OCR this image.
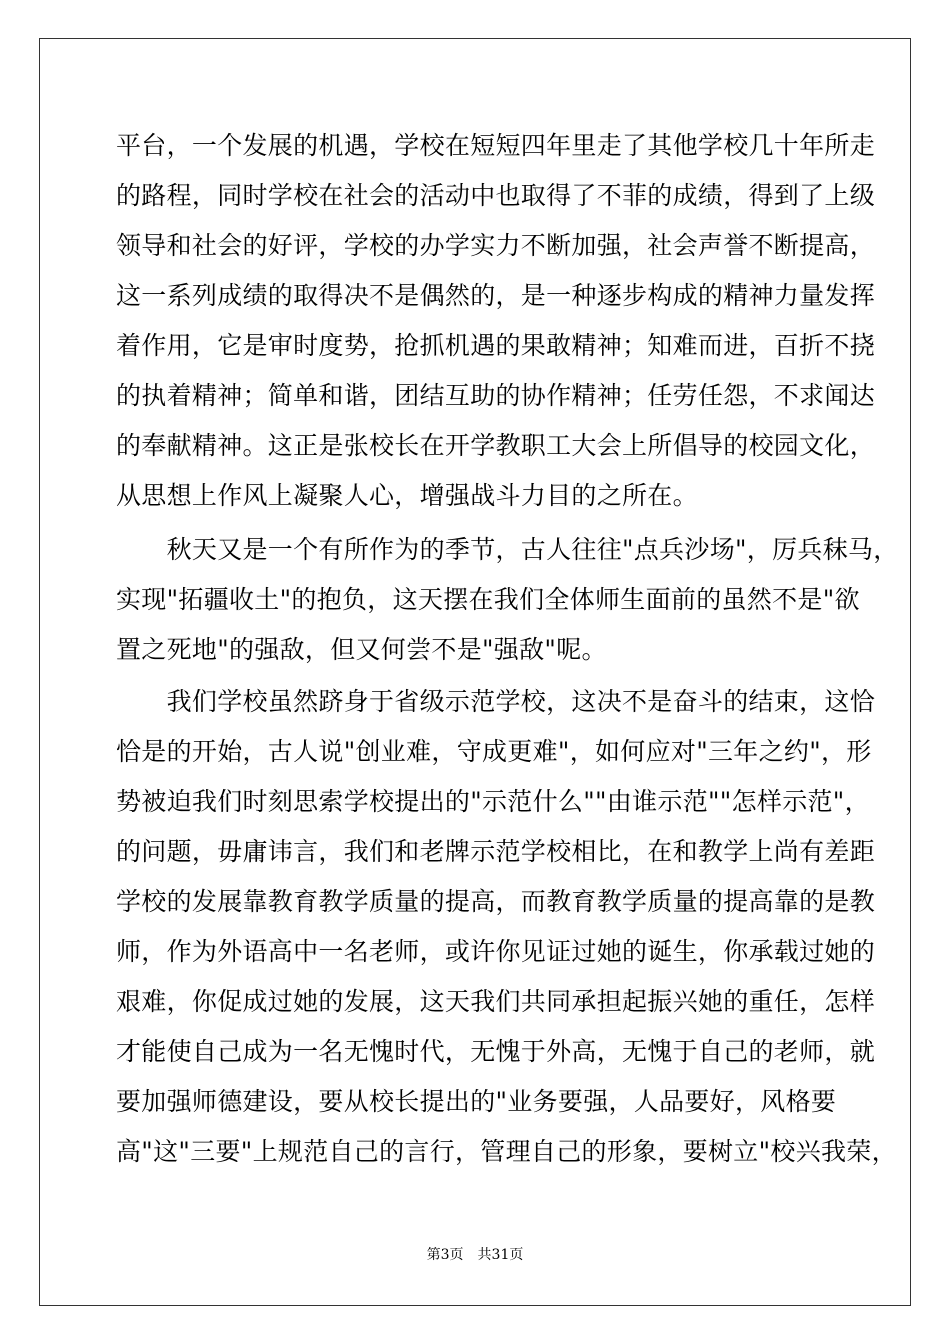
平台，一个发展的机遇，学校在短短四年里走了其他学校几十年所走
的路程，同时学校在社会的活动中也取得了不菲的成绩，得到了上级
领导和社会的好评，学校的办学实力不断加强，社会声誉不断提高，
这一系列成绩的取得决不是偶然的，是一种逐步构成的精神力量发挥
着作用，它是审时度势，抢抓机遇的果敢精神；知难而进，百折不挠
的执着精神；简单和谐，团结互助的协作精神；任劳任怨，不求闻达
的奉献精神。这正是张校长在开学教职工大会上所倡导的校园文化，
从思想上作风上凝聚人心，增强战斗力目的之所在。
　　秋天又是一个有所作为的季节，古人往往"点兵沙场"，厉兵秣马，
实现"拓疆收土"的抱负，这天摆在我们全体师生面前的虽然不是"欲
置之死地"的强敌，但又何尝不是"强敌"呢。
　　我们学校虽然跻身于省级示范学校，这决不是奋斗的结束，这恰
恰是的开始，古人说"创业难，守成更难"，如何应对"三年之约"，形
势被迫我们时刻思索学校提出的"示范什么""由谁示范""怎样示范"，
的问题，毋庸讳言，我们和老牌示范学校相比，在和教学上尚有差距
学校的发展靠教育教学质量的提高，而教育教学质量的提高靠的是教
师，作为外语高中一名老师，或许你见证过她的诞生，你承载过她的
艰难，你促成过她的发展，这天我们共同承担起振兴她的重任，怎样
才能使自己成为一名无愧时代，无愧于外高，无愧于自己的老师，就
要加强师德建设，要从校长提出的"业务要强，人品要好，风格要
高"这"三要"上规范自己的言行，管理自己的形象，要树立"校兴我荣，
第3页　共31页
